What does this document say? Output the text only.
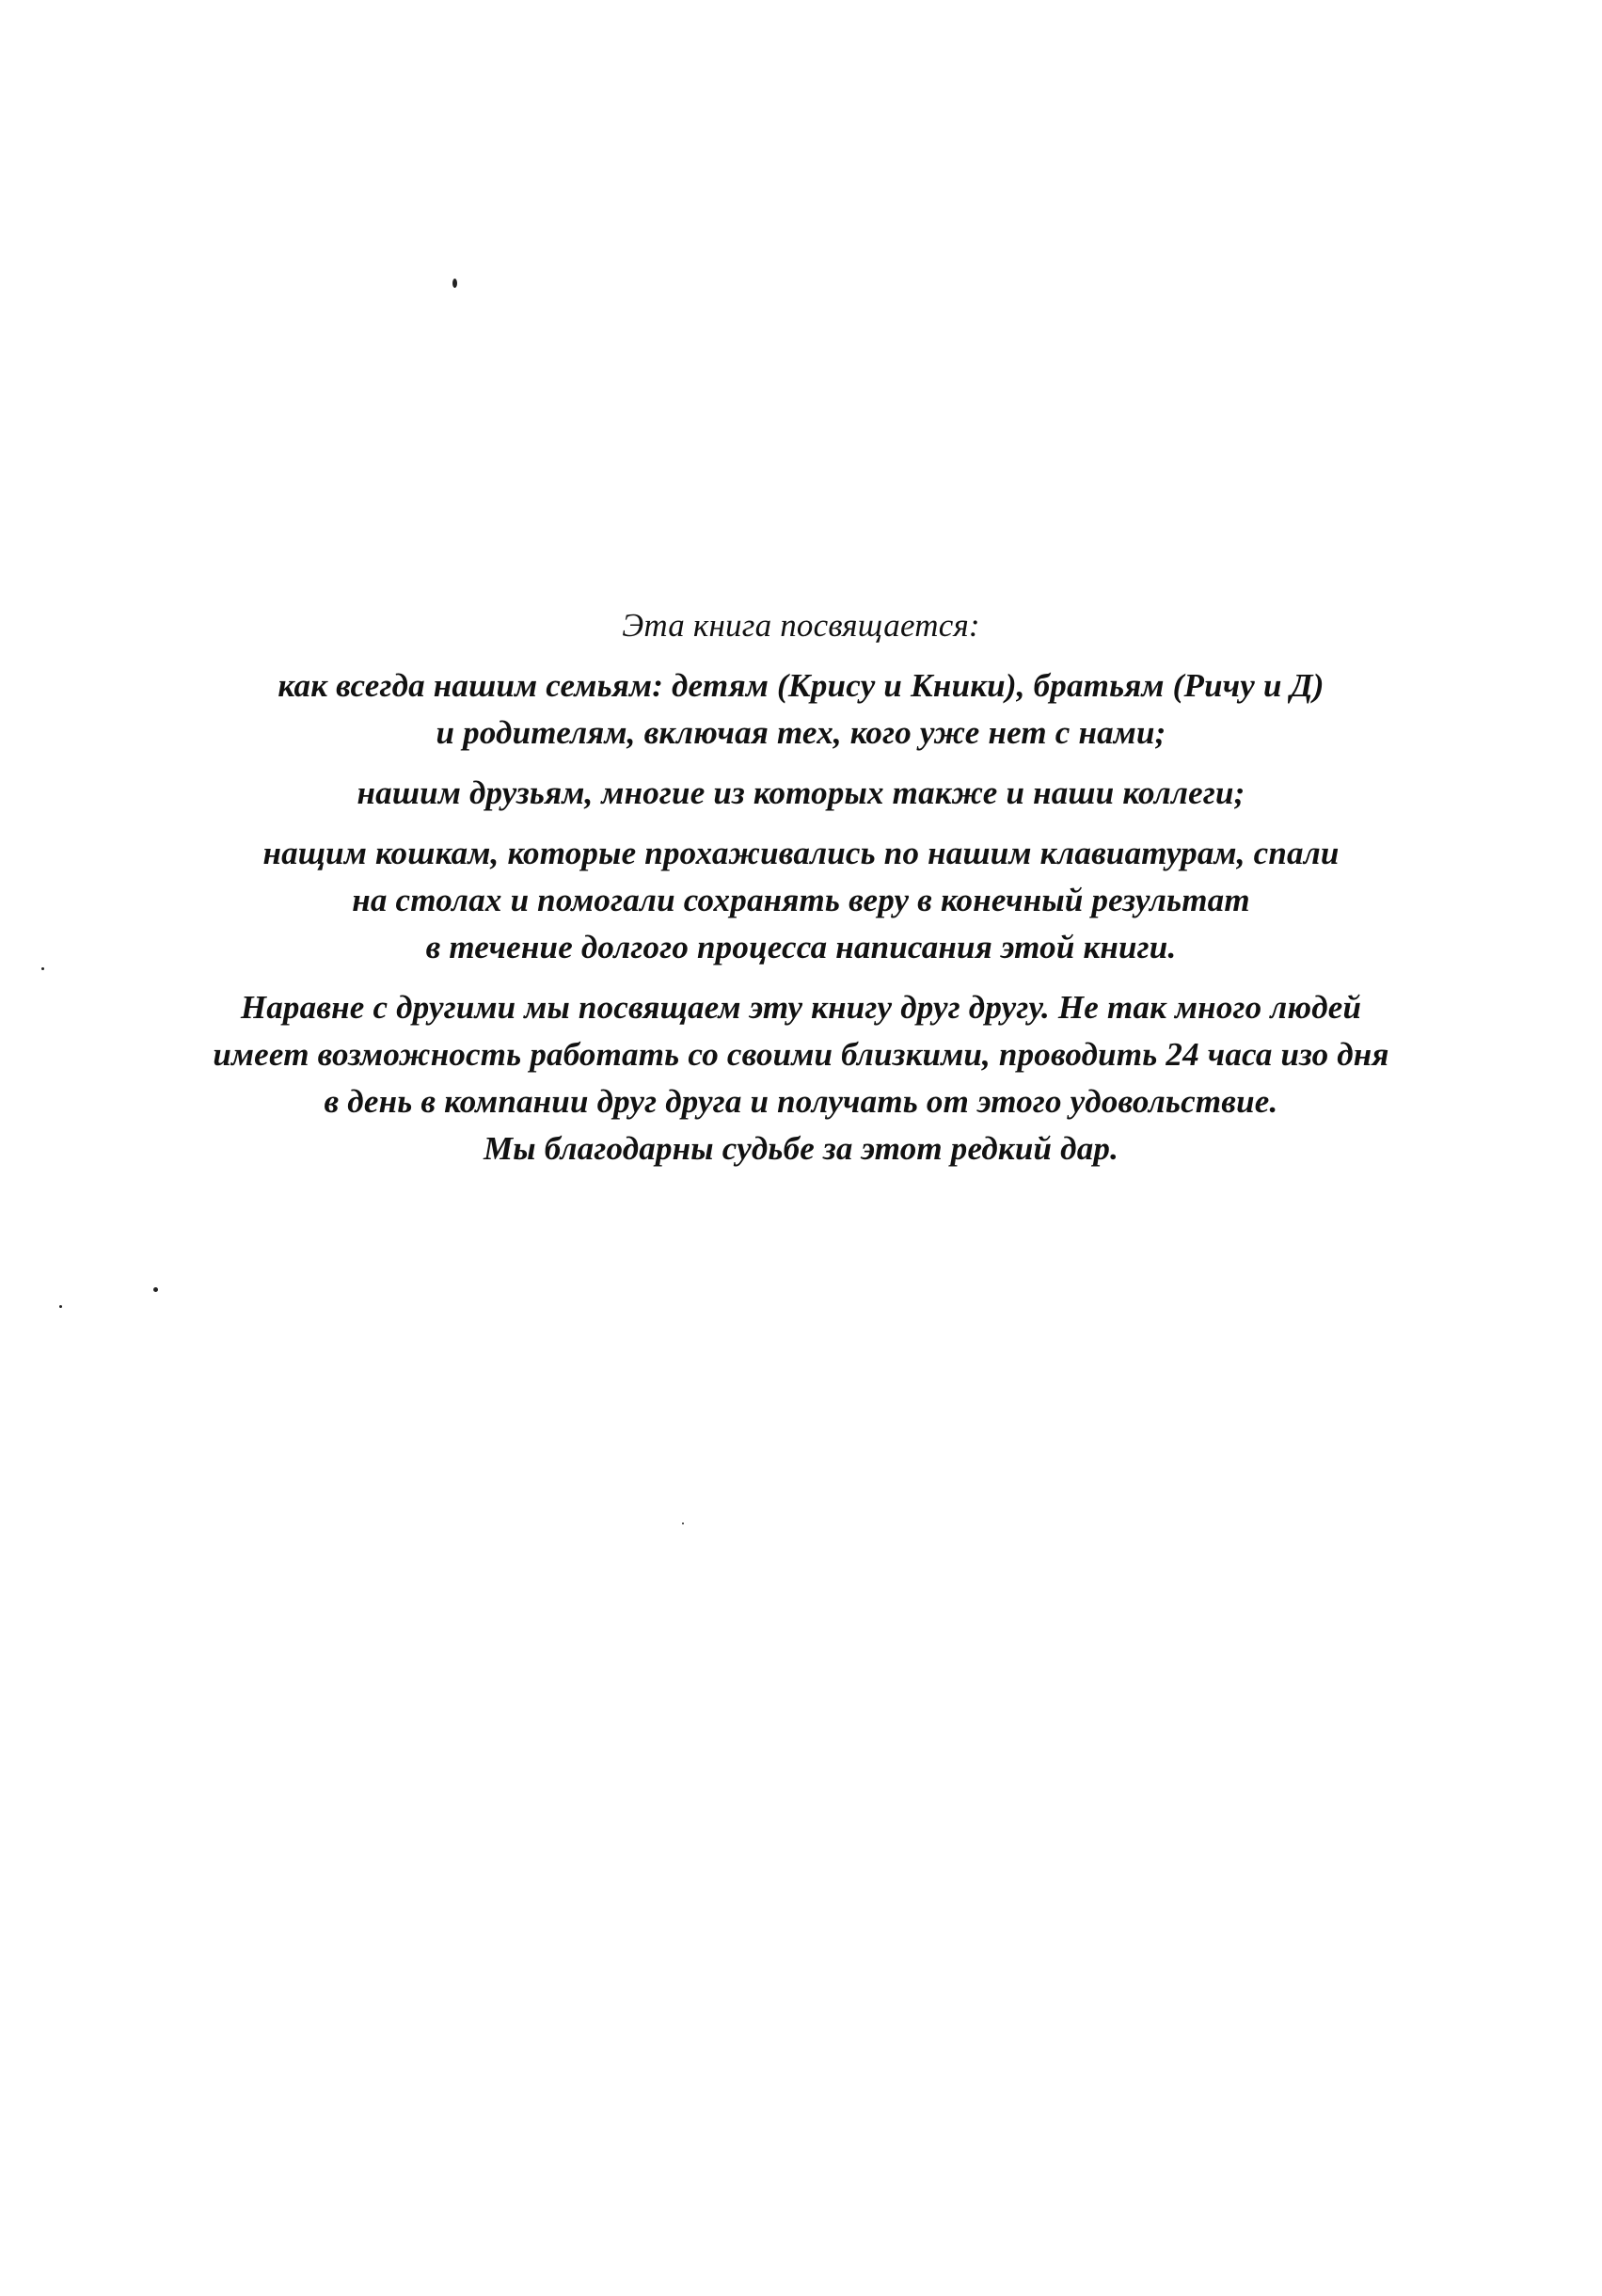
Эта книга посвящается:

как всегда нашим семьям: детям (Крису и Кники), братьям (Ричу и Д)
и родителям, включая тех, кого уже нет с нами;

нашим друзьям, многие из которых также и наши коллеги;

нащим кошкам, которые прохаживались по нашим клавиатурам, спали
на столах и помогали сохранять веру в конечный результат
в течение долгого процесса написания этой книги.

Наравне с другими мы посвящаем эту книгу друг другу. Не так много людей
имеет возможность работать со своими близкими, проводить 24 часа изо дня
в день в компании друг друга и получать от этого удовольствие.
Мы благодарны судьбе за этот редкий дар.
